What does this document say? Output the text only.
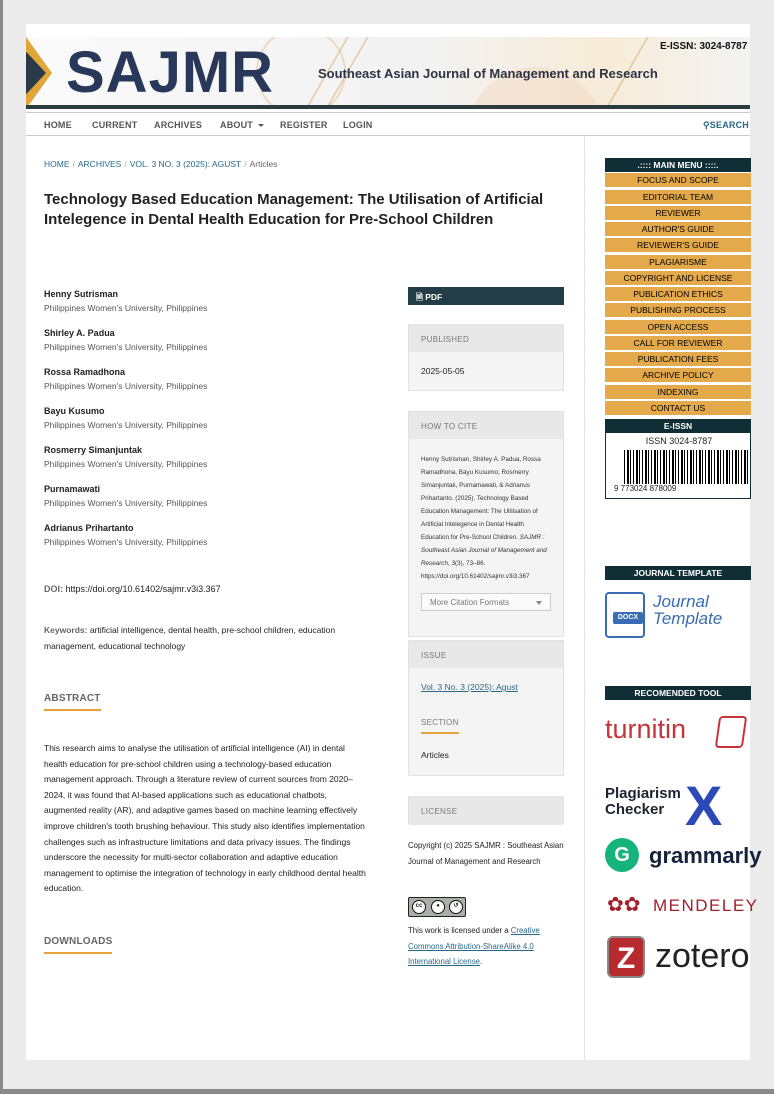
SAJMR	Southeast Asian Journal of Management and Research
E-ISSN: 3024-8787
HOME CURRENT ARCHIVES ABOUT	REGISTER LOGIN	⚲SEARCH
HOME / ARCHIVES / VOL. 3 NO. 3 (2025): AGUST / Articles
Technology Based Education Management: The Utilisation of Artificial Intelegence in Dental Health Education for Pre-School Children
Henny Sutrisman
Philippines Women's University, Philippines
Shirley A. Padua
Philippines Women's University, Philippines
Rossa Ramadhona
Philippines Women's University, Philippines
Bayu Kusumo
Philippines Women's University, Philippines
Rosmerry Simanjuntak
Philippines Women's University, Philippines
Purnamawati
Philippines Women's University, Philippines
Adrianus Prihartanto
Philippines Women's University, Philippines
DOI: https://doi.org/10.61402/sajmr.v3i3.367
Keywords: artificial intelligence, dental health, pre-school children, education management, educational technology
ABSTRACT
This research aims to analyse the utilisation of artificial intelligence (AI) in dental health education for pre-school children using a technology-based education management approach. Through a literature review of current sources from 2020–2024, it was found that AI-based applications such as educational chatbots, augmented reality (AR), and adaptive games based on machine learning effectively improve children's tooth brushing behaviour. This study also identifies implementation challenges such as infrastructure limitations and data privacy issues. The findings underscore the necessity for multi-sector collaboration and adaptive education management to optimise the integration of technology in early childhood dental health education.
DOWNLOADS
🗎 PDF
PUBLISHED
2025-05-05
HOW TO CITE
Henny Sutrisman, Shirley A. Padua, Rossa Ramadhona, Bayu Kusumo, Rosmerry Simanjuntak, Purnamawati, & Adrianus Prihartanto. (2025). Technology Based Education Management: The Utilisation of Artificial Intelegence in Dental Health Education for Pre-School Children. SAJMR : Southeast Asian Journal of Management and Research, 3(3), 73–86. https://doi.org/10.61402/sajmr.v3i3.367
More Citation Formats
ISSUE
Vol. 3 No. 3 (2025): Agust
SECTION
Articles
LICENSE
Copyright (c) 2025 SAJMR : Southeast Asian Journal of Management and Research
cc	●	↺
This work is licensed under a Creative Commons Attribution-ShareAlike 4.0 International License.
.:::: MAIN MENU ::::.
FOCUS AND SCOPE
EDITORIAL TEAM
REVIEWER
AUTHOR'S GUIDE
REVIEWER'S GUIDE
PLAGIARISME
COPYRIGHT AND LICENSE
PUBLICATION ETHICS
PUBLISHING PROCESS
OPEN ACCESS
CALL FOR REVIEWER
PUBLICATION FEES
ARCHIVE POLICY
INDEXING
CONTACT US
E-ISSN
ISSN 3024-8787
9 773024 878009
JOURNAL TEMPLATE
DOCX
Journal Template
RECOMENDED TOOL
turnitin
Plagiarism Checker X
G grammarly
✿✿ MENDELEY
Z zotero
